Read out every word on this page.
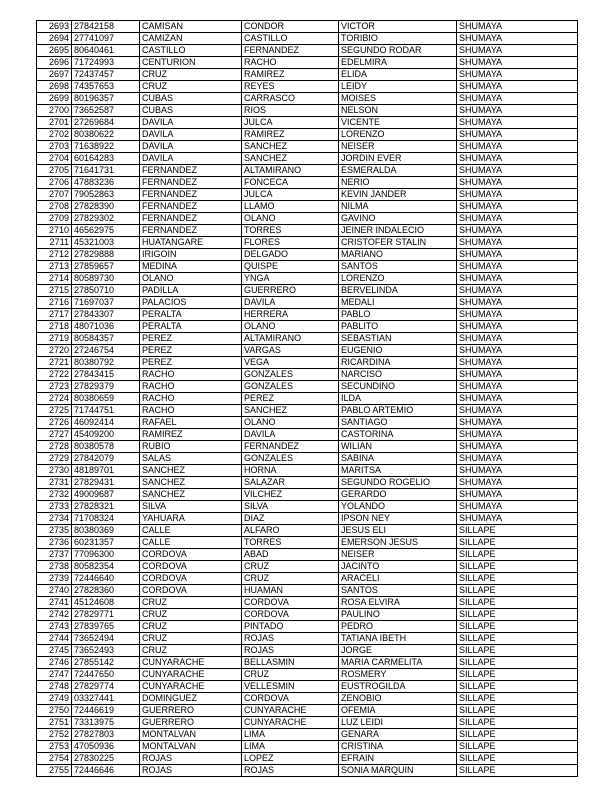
2693	27842158	CAMISAN	CONDOR	VICTOR	SHUMAYA
2694	27741097	CAMIZAN	CASTILLO	TORIBIO	SHUMAYA
2695	80640461	CASTILLO	FERNANDEZ	SEGUNDO RODAR	SHUMAYA
2696	71724993	CENTURION	RACHO	EDELMIRA	SHUMAYA
2697	72437457	CRUZ	RAMIREZ	ELIDA	SHUMAYA
2698	74357653	CRUZ	REYES	LEIDY	SHUMAYA
2699	80196357	CUBAS	CARRASCO	MOISES	SHUMAYA
2700	73652587	CUBAS	RIOS	NELSON	SHUMAYA
2701	27269684	DAVILA	JULCA	VICENTE	SHUMAYA
2702	80380622	DAVILA	RAMIREZ	LORENZO	SHUMAYA
2703	71638922	DAVILA	SANCHEZ	NEISER	SHUMAYA
2704	60164283	DAVILA	SANCHEZ	JORDIN EVER	SHUMAYA
2705	71641731	FERNANDEZ	ALTAMIRANO	ESMERALDA	SHUMAYA
2706	47883236	FERNANDEZ	FONCECA	NERIO	SHUMAYA
2707	79052863	FERNANDEZ	JULCA	KEVIN JANDER	SHUMAYA
2708	27828390	FERNANDEZ	LLAMO	NILMA	SHUMAYA
2709	27829302	FERNANDEZ	OLANO	GAVINO	SHUMAYA
2710	46562975	FERNANDEZ	TORRES	JEINER INDALECIO	SHUMAYA
2711	45321003	HUATANGARE	FLORES	CRISTOFER STALIN	SHUMAYA
2712	27829888	IRIGOIN	DELGADO	MARIANO	SHUMAYA
2713	27859657	MEDINA	QUISPE	SANTOS	SHUMAYA
2714	80589730	OLANO	YNGA	LORENZO	SHUMAYA
2715	27850710	PADILLA	GUERRERO	BERVELINDA	SHUMAYA
2716	71697037	PALACIOS	DAVILA	MEDALI	SHUMAYA
2717	27843307	PERALTA	HERRERA	PABLO	SHUMAYA
2718	48071036	PERALTA	OLANO	PABLITO	SHUMAYA
2719	80584357	PEREZ	ALTAMIRANO	SEBASTIAN	SHUMAYA
2720	27246754	PEREZ	VARGAS	EUGENIO	SHUMAYA
2721	80380792	PEREZ	VEGA	RICARDINA	SHUMAYA
2722	27843415	RACHO	GONZALES	NARCISO	SHUMAYA
2723	27829379	RACHO	GONZALES	SECUNDINO	SHUMAYA
2724	80380659	RACHO	PEREZ	ILDA	SHUMAYA
2725	71744751	RACHO	SANCHEZ	PABLO ARTEMIO	SHUMAYA
2726	46092414	RAFAEL	OLANO	SANTIAGO	SHUMAYA
2727	45409200	RAMIREZ	DAVILA	CASTORINA	SHUMAYA
2728	80380578	RUBIO	FERNANDEZ	WILIAN	SHUMAYA
2729	27842079	SALAS	GONZALES	SABINA	SHUMAYA
2730	48189701	SANCHEZ	HORNA	MARITSA	SHUMAYA
2731	27829431	SANCHEZ	SALAZAR	SEGUNDO ROGELIO	SHUMAYA
2732	49009687	SANCHEZ	VILCHEZ	GERARDO	SHUMAYA
2733	27828321	SILVA	SILVA	YOLANDO	SHUMAYA
2734	71708324	YAHUARA	DIAZ	IPSON NEY	SHUMAYA
2735	80380369	CALLE	ALFARO	JESUS ELI	SILLAPE
2736	60231357	CALLE	TORRES	EMERSON JESUS	SILLAPE
2737	77096300	CORDOVA	ABAD	NEISER	SILLAPE
2738	80582354	CORDOVA	CRUZ	JACINTO	SILLAPE
2739	72446640	CORDOVA	CRUZ	ARACELI	SILLAPE
2740	27828360	CORDOVA	HUAMAN	SANTOS	SILLAPE
2741	45124608	CRUZ	CORDOVA	ROSA ELVIRA	SILLAPE
2742	27829771	CRUZ	CORDOVA	PAULINO	SILLAPE
2743	27839765	CRUZ	PINTADO	PEDRO	SILLAPE
2744	73652494	CRUZ	ROJAS	TATIANA IBETH	SILLAPE
2745	73652493	CRUZ	ROJAS	JORGE	SILLAPE
2746	27855142	CUNYARACHE	BELLASMIN	MARIA CARMELITA	SILLAPE
2747	72447650	CUNYARACHE	CRUZ	ROSMERY	SILLAPE
2748	27829774	CUNYARACHE	VELLESMIN	EUSTROGILDA	SILLAPE
2749	03327441	DOMINGUEZ	CORDOVA	ZENOBIO	SILLAPE
2750	72446619	GUERRERO	CUNYARACHE	OFEMIA	SILLAPE
2751	73313975	GUERRERO	CUNYARACHE	LUZ LEIDI	SILLAPE
2752	27827803	MONTALVAN	LIMA	GENARA	SILLAPE
2753	47050936	MONTALVAN	LIMA	CRISTINA	SILLAPE
2754	27830225	ROJAS	LOPEZ	EFRAIN	SILLAPE
2755	72446646	ROJAS	ROJAS	SONIA MARQUIN	SILLAPE
